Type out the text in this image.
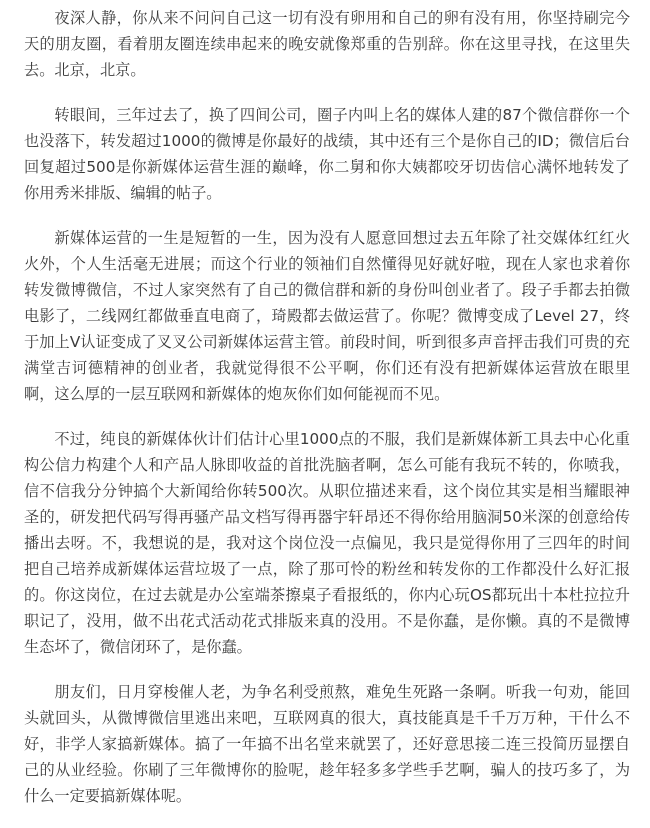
夜深人静，你从来不问问自己这一切有没有卵用和自己的卵有没有用，你坚持刷完今天的朋友圈，看着朋友圈连续串起来的晚安就像郑重的告别辞。你在这里寻找，在这里失去。北京，北京。

转眼间，三年过去了，换了四间公司，圈子内叫上名的媒体人建的87个微信群你一个也没落下，转发超过1000的微博是你最好的战绩，其中还有三个是你自己的ID；微信后台回复超过500是你新媒体运营生涯的巅峰，你二舅和你大姨都咬牙切齿信心满怀地转发了你用秀米排版、编辑的帖子。

新媒体运营的一生是短暂的一生，因为没有人愿意回想过去五年除了社交媒体红红火火外，个人生活毫无进展；而这个行业的领袖们自然懂得见好就好啦，现在人家也求着你转发微博微信，不过人家突然有了自己的微信群和新的身份叫创业者了。段子手都去拍微电影了，二线网红都做垂直电商了，琦殿都去做运营了。你呢？微博变成了Level 27，终于加上V认证变成了叉叉公司新媒体运营主管。前段时间，听到很多声音抨击我们可贵的充满堂吉诃德精神的创业者，我就觉得很不公平啊，你们还有没有把新媒体运营放在眼里啊，这么厚的一层互联网和新媒体的炮灰你们如何能视而不见。

不过，纯良的新媒体伙计们估计心里1000点的不服，我们是新媒体新工具去中心化重构公信力构建个人和产品人脉即收益的首批洗脑者啊，怎么可能有我玩不转的，你喷我，信不信我分分钟搞个大新闻给你转500次。从职位描述来看，这个岗位其实是相当耀眼神圣的，研发把代码写得再骚产品文档写得再器宇轩昂还不得你给用脑洞50米深的创意给传播出去呀。不，我想说的是，我对这个岗位没一点偏见，我只是觉得你用了三四年的时间把自己培养成新媒体运营垃圾了一点，除了那可怜的粉丝和转发你的工作都没什么好汇报的。你这岗位，在过去就是办公室端茶擦桌子看报纸的，你内心玩OS都玩出十本杜拉拉升职记了，没用，做不出花式活动花式排版来真的没用。不是你蠢，是你懒。真的不是微博生态坏了，微信闭环了，是你蠢。

朋友们，日月穿梭催人老，为争名利受煎熬，难免生死路一条啊。听我一句劝，能回头就回头，从微博微信里逃出来吧，互联网真的很大，真技能真是千千万万种，干什么不好，非学人家搞新媒体。搞了一年搞不出名堂来就罢了，还好意思接二连三投简历显摆自己的从业经验。你刷了三年微博你的脸呢，趁年轻多多学些手艺啊，骗人的技巧多了，为什么一定要搞新媒体呢。
